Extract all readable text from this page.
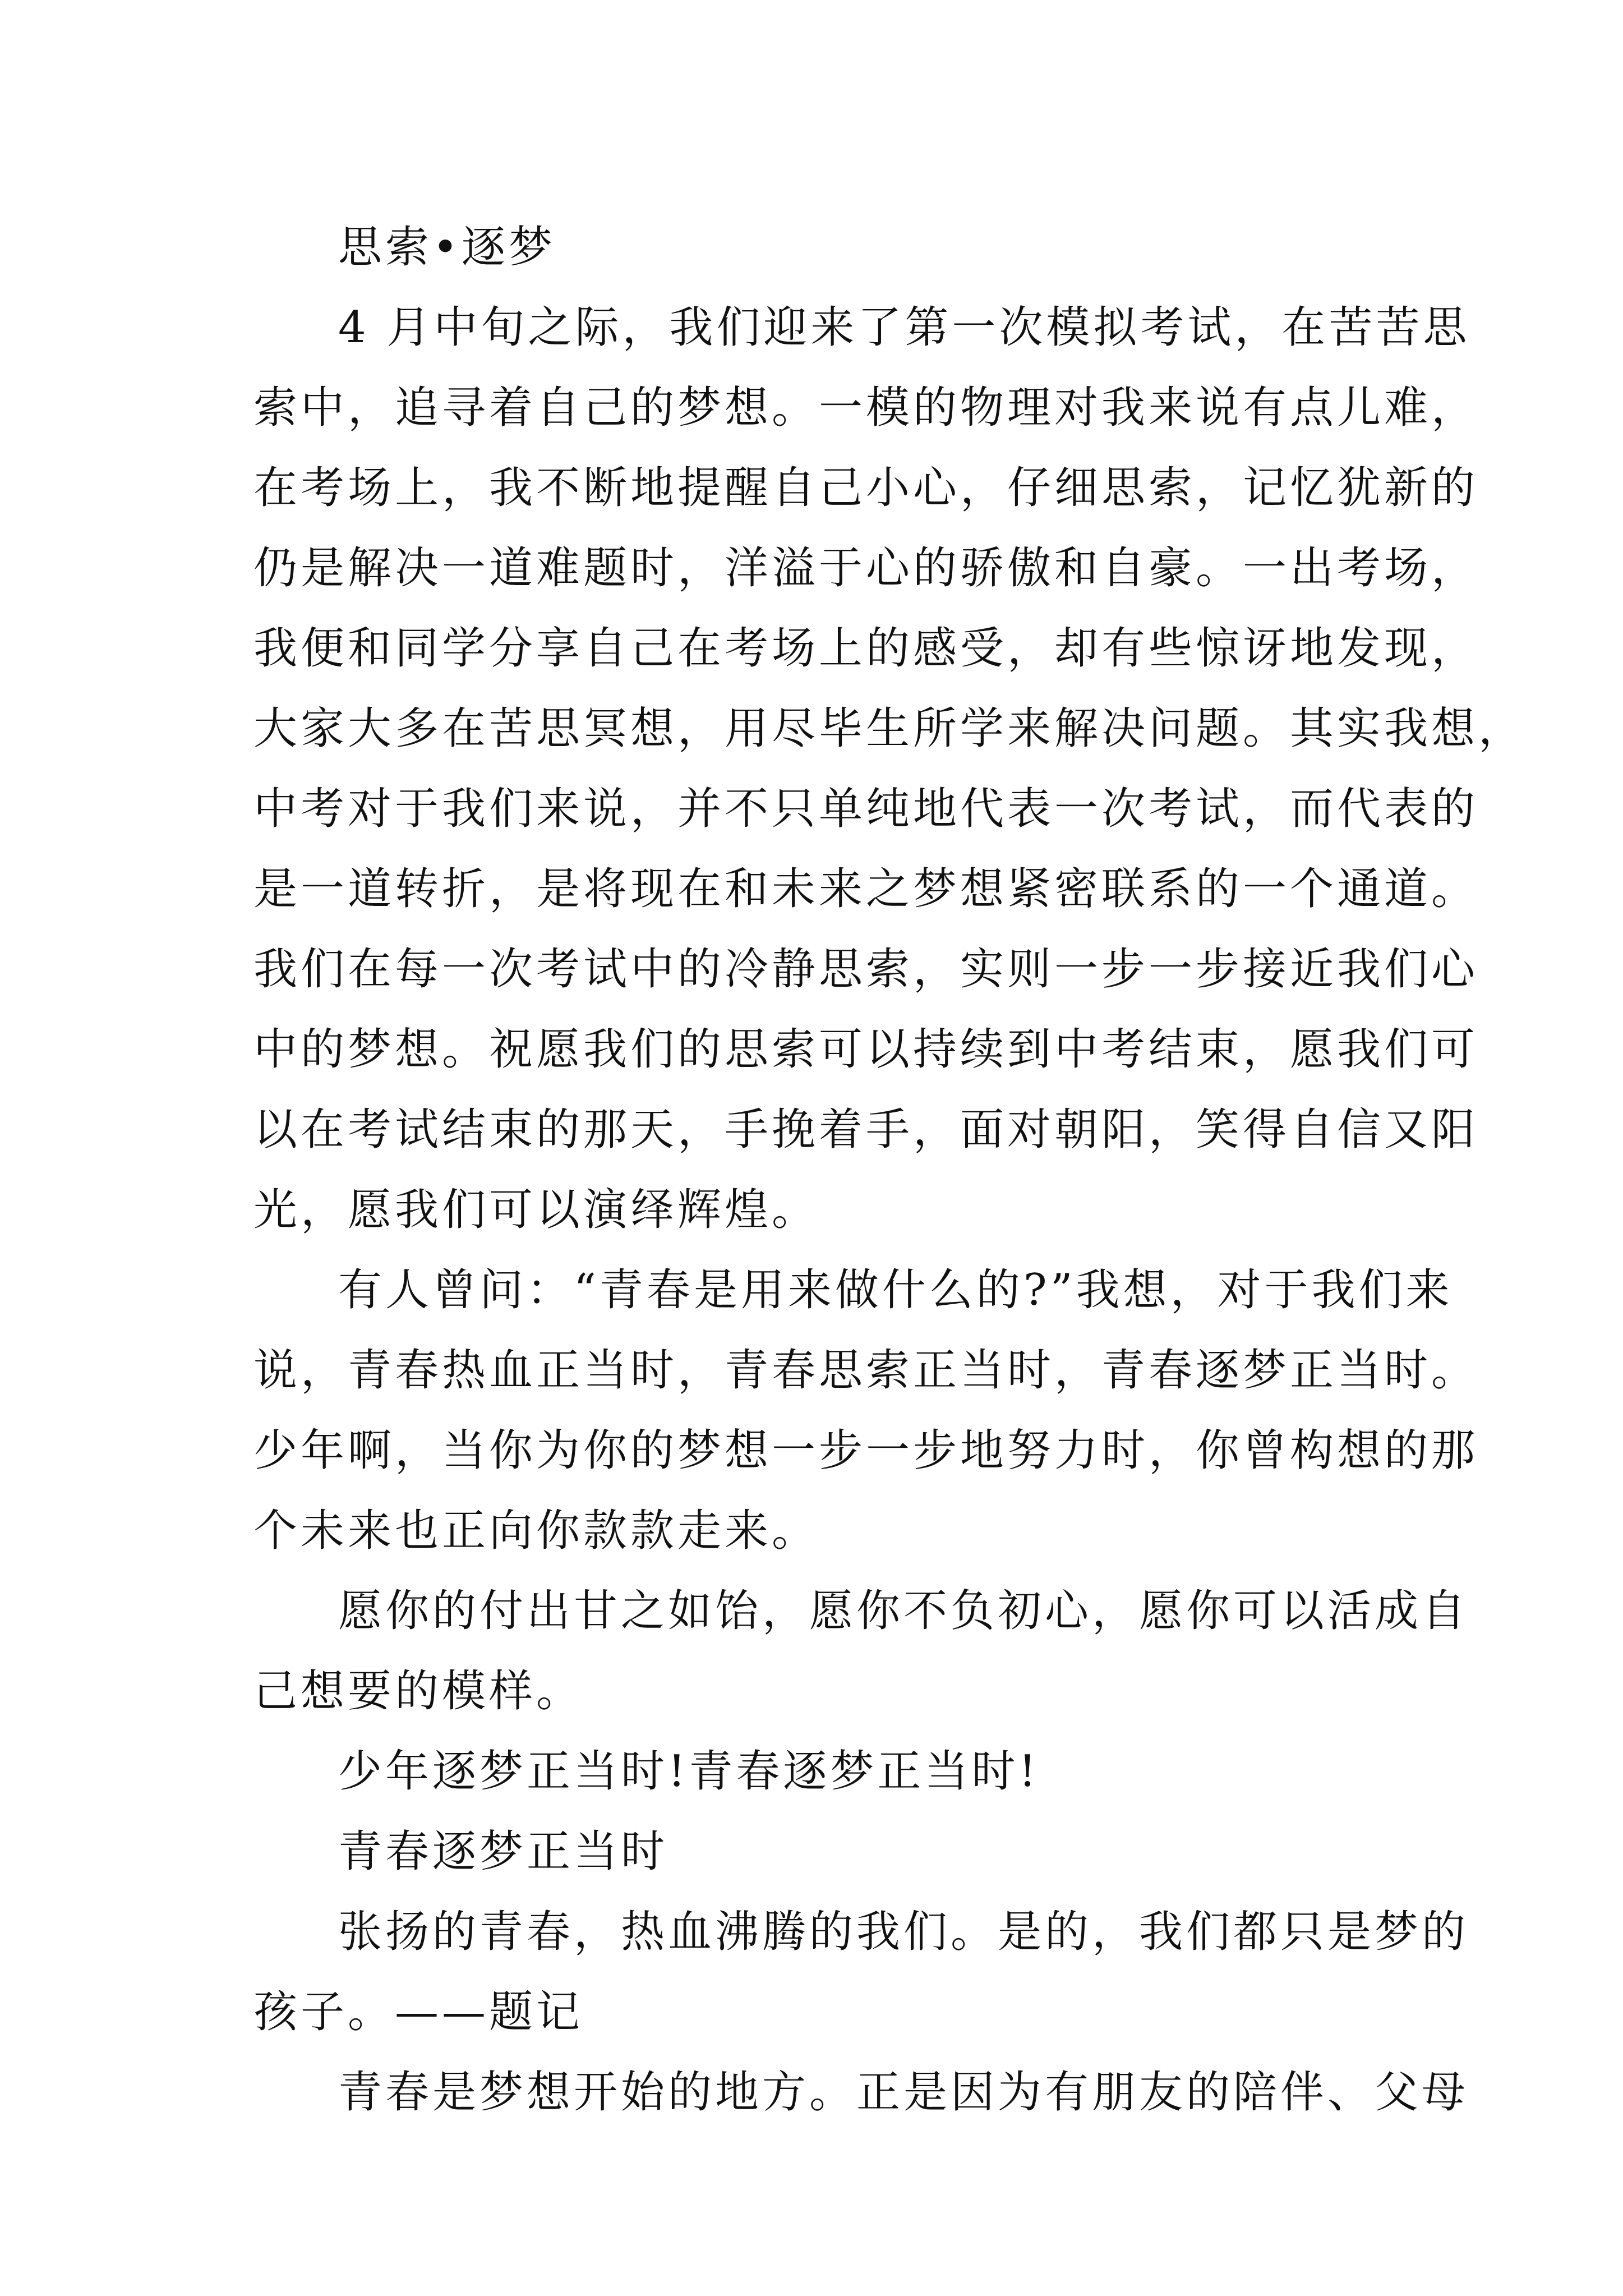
思索•逐梦
4 月中旬之际，我们迎来了第一次模拟考试，在苦苦思
索中，追寻着自己的梦想。一模的物理对我来说有点儿难，
在考场上，我不断地提醒自己小心，仔细思索，记忆犹新的
仍是解决一道难题时，洋溢于心的骄傲和自豪。一出考场，
我便和同学分享自己在考场上的感受，却有些惊讶地发现，
大家大多在苦思冥想，用尽毕生所学来解决问题。其实我想，
中考对于我们来说，并不只单纯地代表一次考试，而代表的
是一道转折，是将现在和未来之梦想紧密联系的一个通道。
我们在每一次考试中的冷静思索，实则一步一步接近我们心
中的梦想。祝愿我们的思索可以持续到中考结束，愿我们可
以在考试结束的那天，手挽着手，面对朝阳，笑得自信又阳
光，愿我们可以演绎辉煌。
有人曾问：“青春是用来做什么的?”我想，对于我们来
说，青春热血正当时，青春思索正当时，青春逐梦正当时。
少年啊，当你为你的梦想一步一步地努力时，你曾构想的那
个未来也正向你款款走来。
愿你的付出甘之如饴，愿你不负初心，愿你可以活成自
己想要的模样。
少年逐梦正当时!青春逐梦正当时!
青春逐梦正当时
张扬的青春，热血沸腾的我们。是的，我们都只是梦的
孩子。——题记
青春是梦想开始的地方。正是因为有朋友的陪伴、父母
